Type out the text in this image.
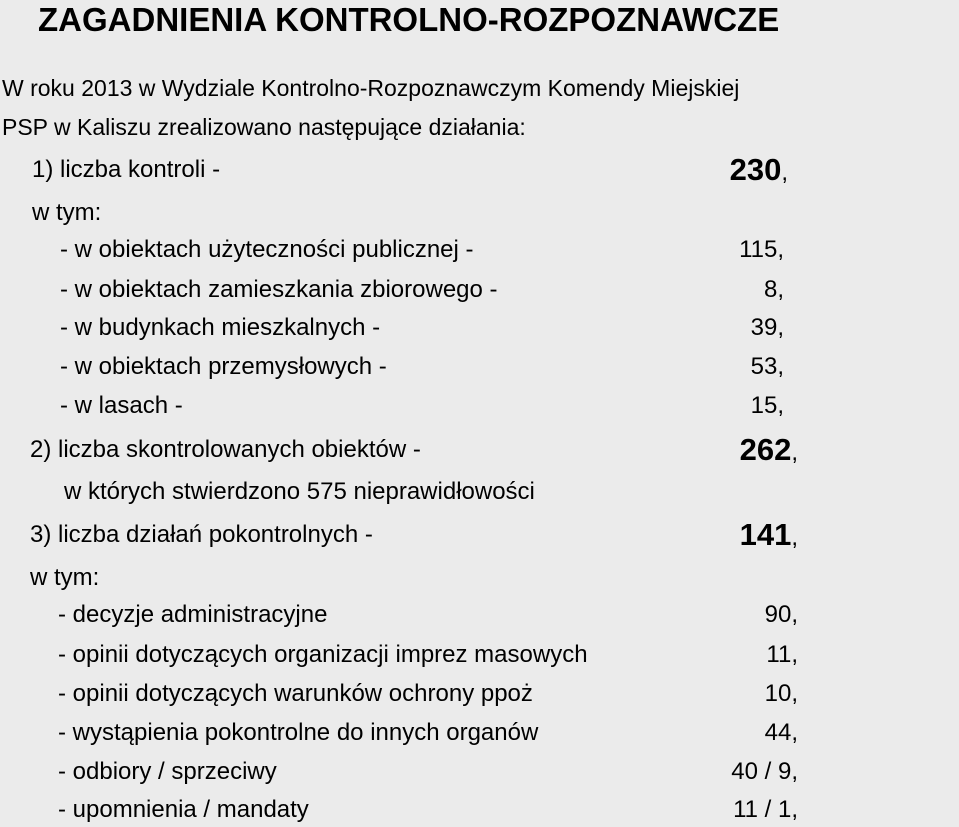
ZAGADNIENIA KONTROLNO-ROZPOZNAWCZE
W roku 2013 w Wydziale Kontrolno-Rozpoznawczym Komendy Miejskiej
PSP w Kaliszu zrealizowano następujące działania:
1) liczba kontroli -	230,
w tym:
- w obiektach użyteczności publicznej -	115,
- w obiektach zamieszkania zbiorowego -	8,
- w budynkach mieszkalnych -	39,
- w obiektach przemysłowych -	53,
- w lasach -	15,
2) liczba skontrolowanych obiektów -	262,
w których stwierdzono 575 nieprawidłowości
3) liczba działań pokontrolnych -	141,
w tym:
- decyzje administracyjne	90,
- opinii dotyczących organizacji imprez masowych	11,
- opinii dotyczących warunków ochrony ppoż	10,
- wystąpienia pokontrolne do innych organów	44,
- odbiory / sprzeciwy	40 / 9,
- upomnienia / mandaty	11 / 1,
